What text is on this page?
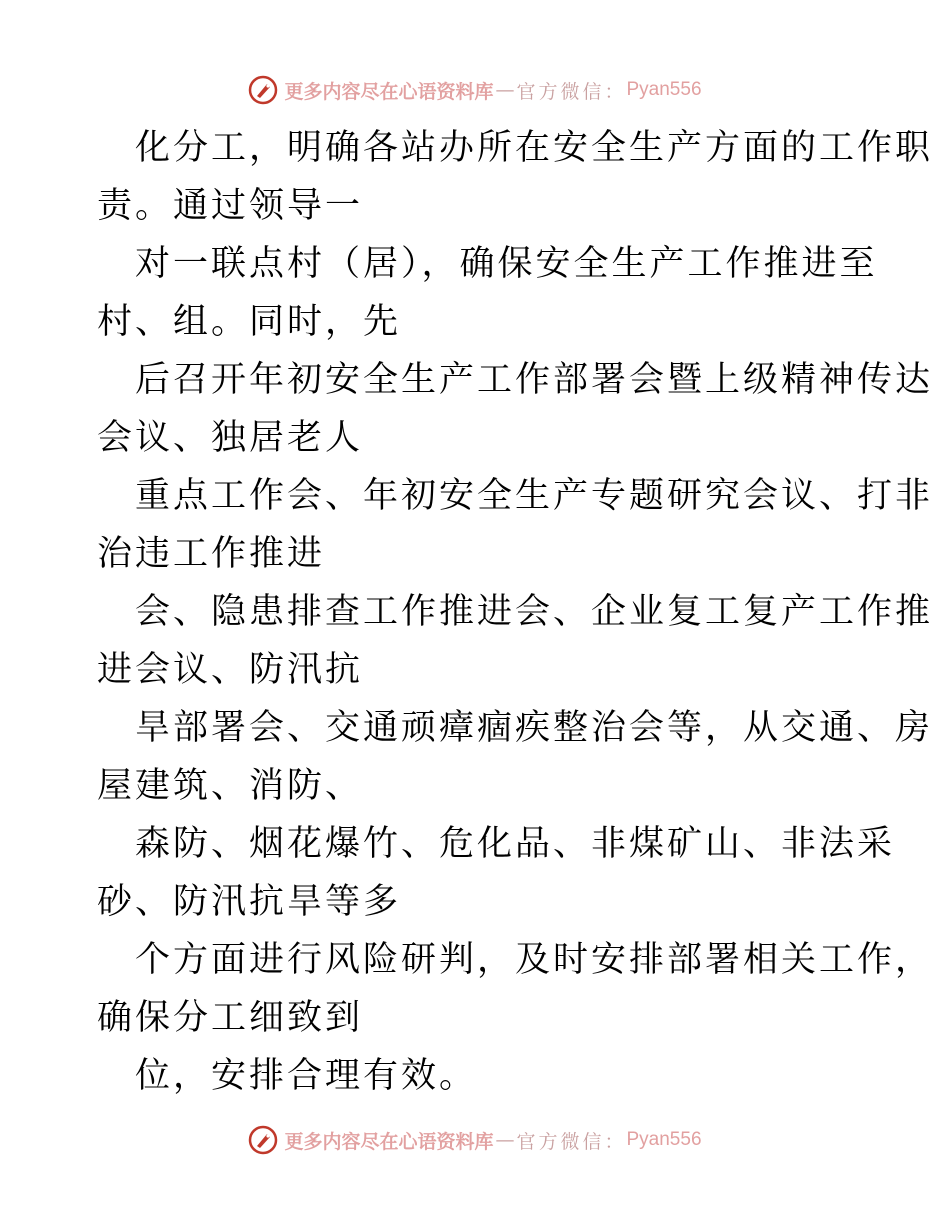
更多内容尽在心语资料库 — 官方微信： Pyan556
化分工，明确各站办所在安全生产方面的工作职
责。通过领导一
对一联点村（居），确保安全生产工作推进至
村、组。同时，先
后召开年初安全生产工作部署会暨上级精神传达
会议、独居老人
重点工作会、年初安全生产专题研究会议、打非
治违工作推进
会、隐患排查工作推进会、企业复工复产工作推
进会议、防汛抗
旱部署会、交通顽瘴痼疾整治会等，从交通、房
屋建筑、消防、
森防、烟花爆竹、危化品、非煤矿山、非法采
砂、防汛抗旱等多
个方面进行风险研判，及时安排部署相关工作，
确保分工细致到
位，安排合理有效。
更多内容尽在心语资料库 — 官方微信： Pyan556
